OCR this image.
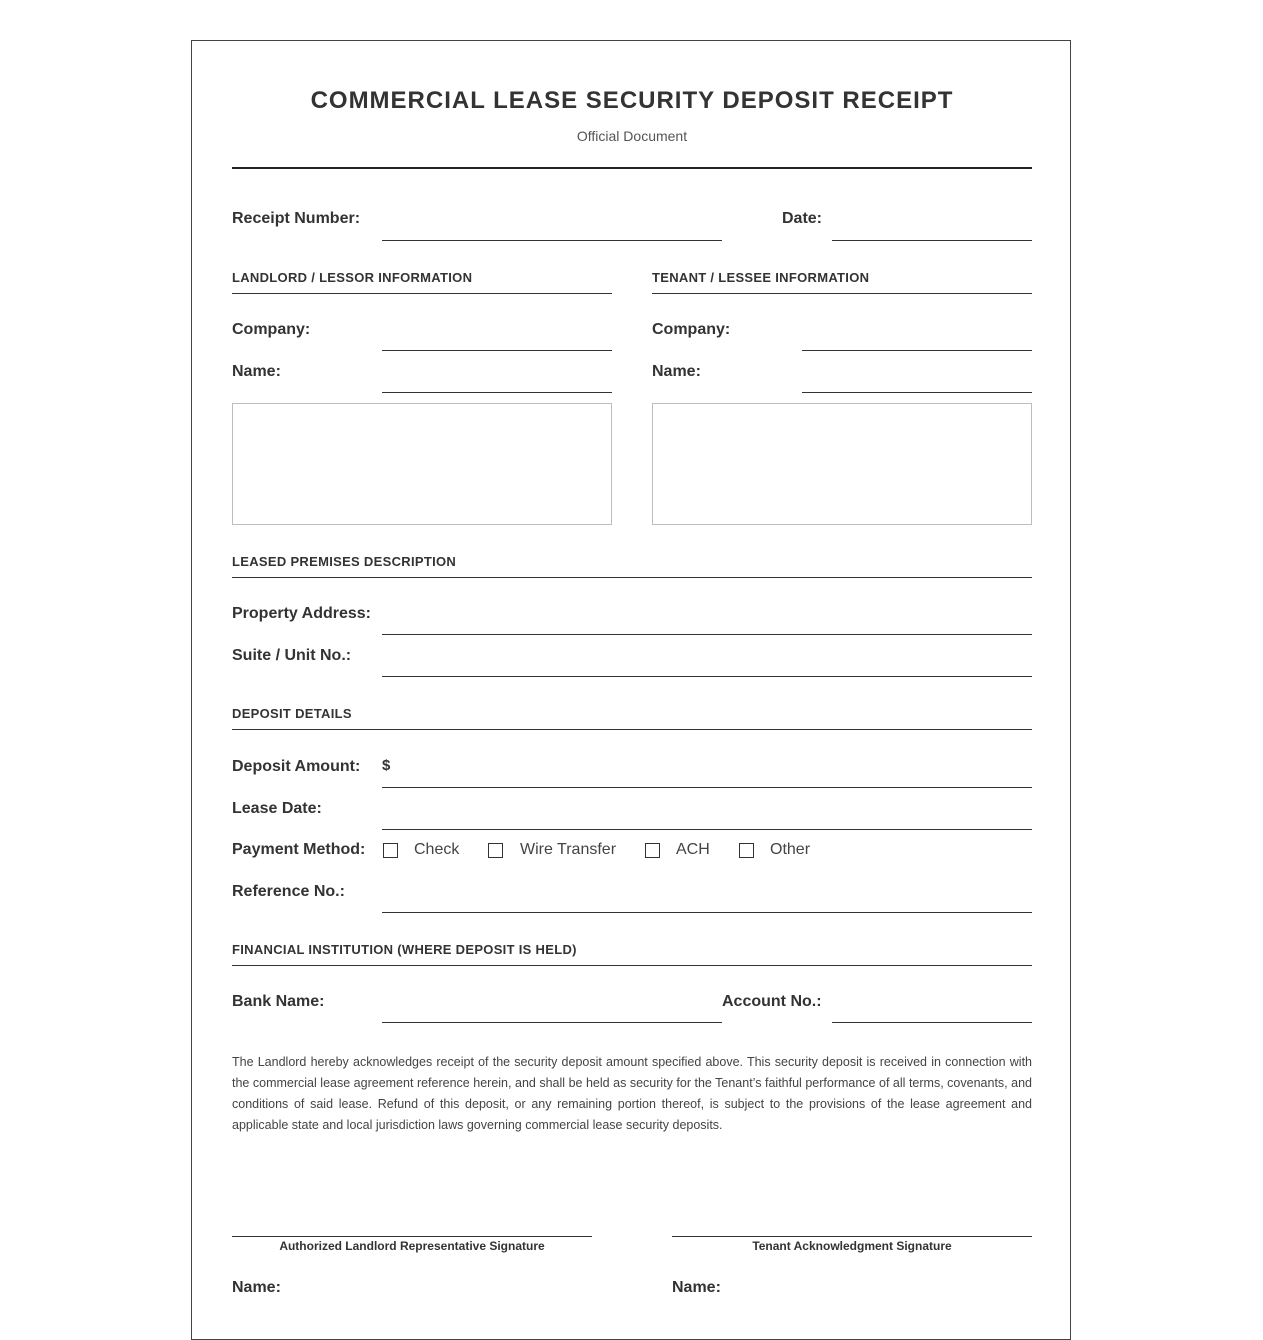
COMMERCIAL LEASE SECURITY DEPOSIT RECEIPT
Official Document
Receipt Number:	Date:
LANDLORD / LESSOR INFORMATION
Company:
Name:
TENANT / LESSEE INFORMATION
Company:
Name:
LEASED PREMISES DESCRIPTION
Property Address:
Suite / Unit No.:
DEPOSIT DETAILS
Deposit Amount: $
Lease Date:
Payment Method:	Check	Wire Transfer	ACH	Other
Reference No.:
FINANCIAL INSTITUTION (WHERE DEPOSIT IS HELD)
Bank Name:	Account No.:
The Landlord hereby acknowledges receipt of the security deposit amount specified above. This security deposit is received in connection with the commercial lease agreement reference herein, and shall be held as security for the Tenant’s faithful performance of all terms, covenants, and conditions of said lease. Refund of this deposit, or any remaining portion thereof, is subject to the provisions of the lease agreement and applicable state and local jurisdiction laws governing commercial lease security deposits.
Authorized Landlord Representative Signature	Tenant Acknowledgment Signature
Name:	Name:
